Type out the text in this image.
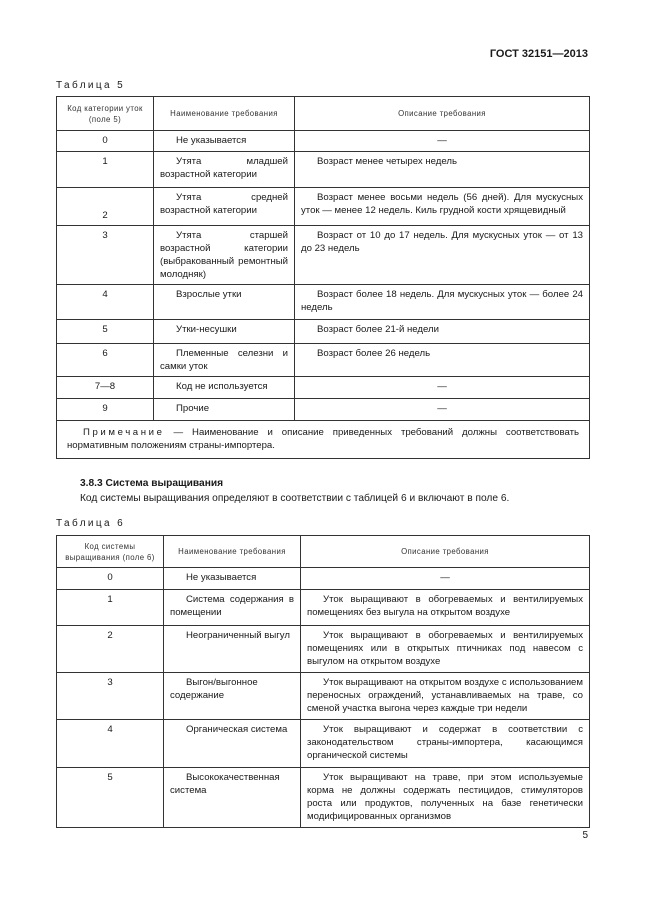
ГОСТ 32151—2013
Таблица 5
Код категории уток (поле 5)	Наименование требования	Описание требования
0	Не указывается	—
1	Утята младшей возрастной категории	Возраст менее четырех недель
2	Утята средней возрастной категории	Возраст менее восьми недель (56 дней). Для мускусных уток — менее 12 недель. Киль грудной кости хрящевидный
3	Утята старшей возрастной категории (выбракованный ремонтный молодняк)	Возраст от 10 до 17 недель. Для мускусных уток — от 13 до 23 недель
4	Взрослые утки	Возраст более 18 недель. Для мускусных уток — более 24 недель
5	Утки-несушки	Возраст более 21-й недели
6	Племенные селезни и самки уток	Возраст более 26 недель
7—8	Код не используется	—
9	Прочие	—
Примечание — Наименование и описание приведенных требований должны соответствовать нормативным положениям страны-импортера.		
3.8.3 Система выращивания
Код системы выращивания определяют в соответствии с таблицей 6 и включают в поле 6.
Таблица 6
Код системы выращивания (поле 6)	Наименование требования	Описание требования
0	Не указывается	—
1	Система содержания в помещении	Уток выращивают в обогреваемых и вентилируемых помещениях без выгула на открытом воздухе
2	Неограниченный выгул	Уток выращивают в обогреваемых и вентилируемых помещениях или в открытых птичниках под навесом с выгулом на открытом воздухе
3	Выгон/выгонное содержание	Уток выращивают на открытом воздухе с использованием переносных ограждений, устанавливаемых на траве, со сменой участка выгона через каждые три недели
4	Органическая система	Уток выращивают и содержат в соответствии с законодательством страны-импортера, касающимся органической системы
5	Высококачественная система	Уток выращивают на траве, при этом используемые корма не должны содержать пестицидов, стимуляторов роста или продуктов, полученных на базе генетически модифицированных организмов
5
